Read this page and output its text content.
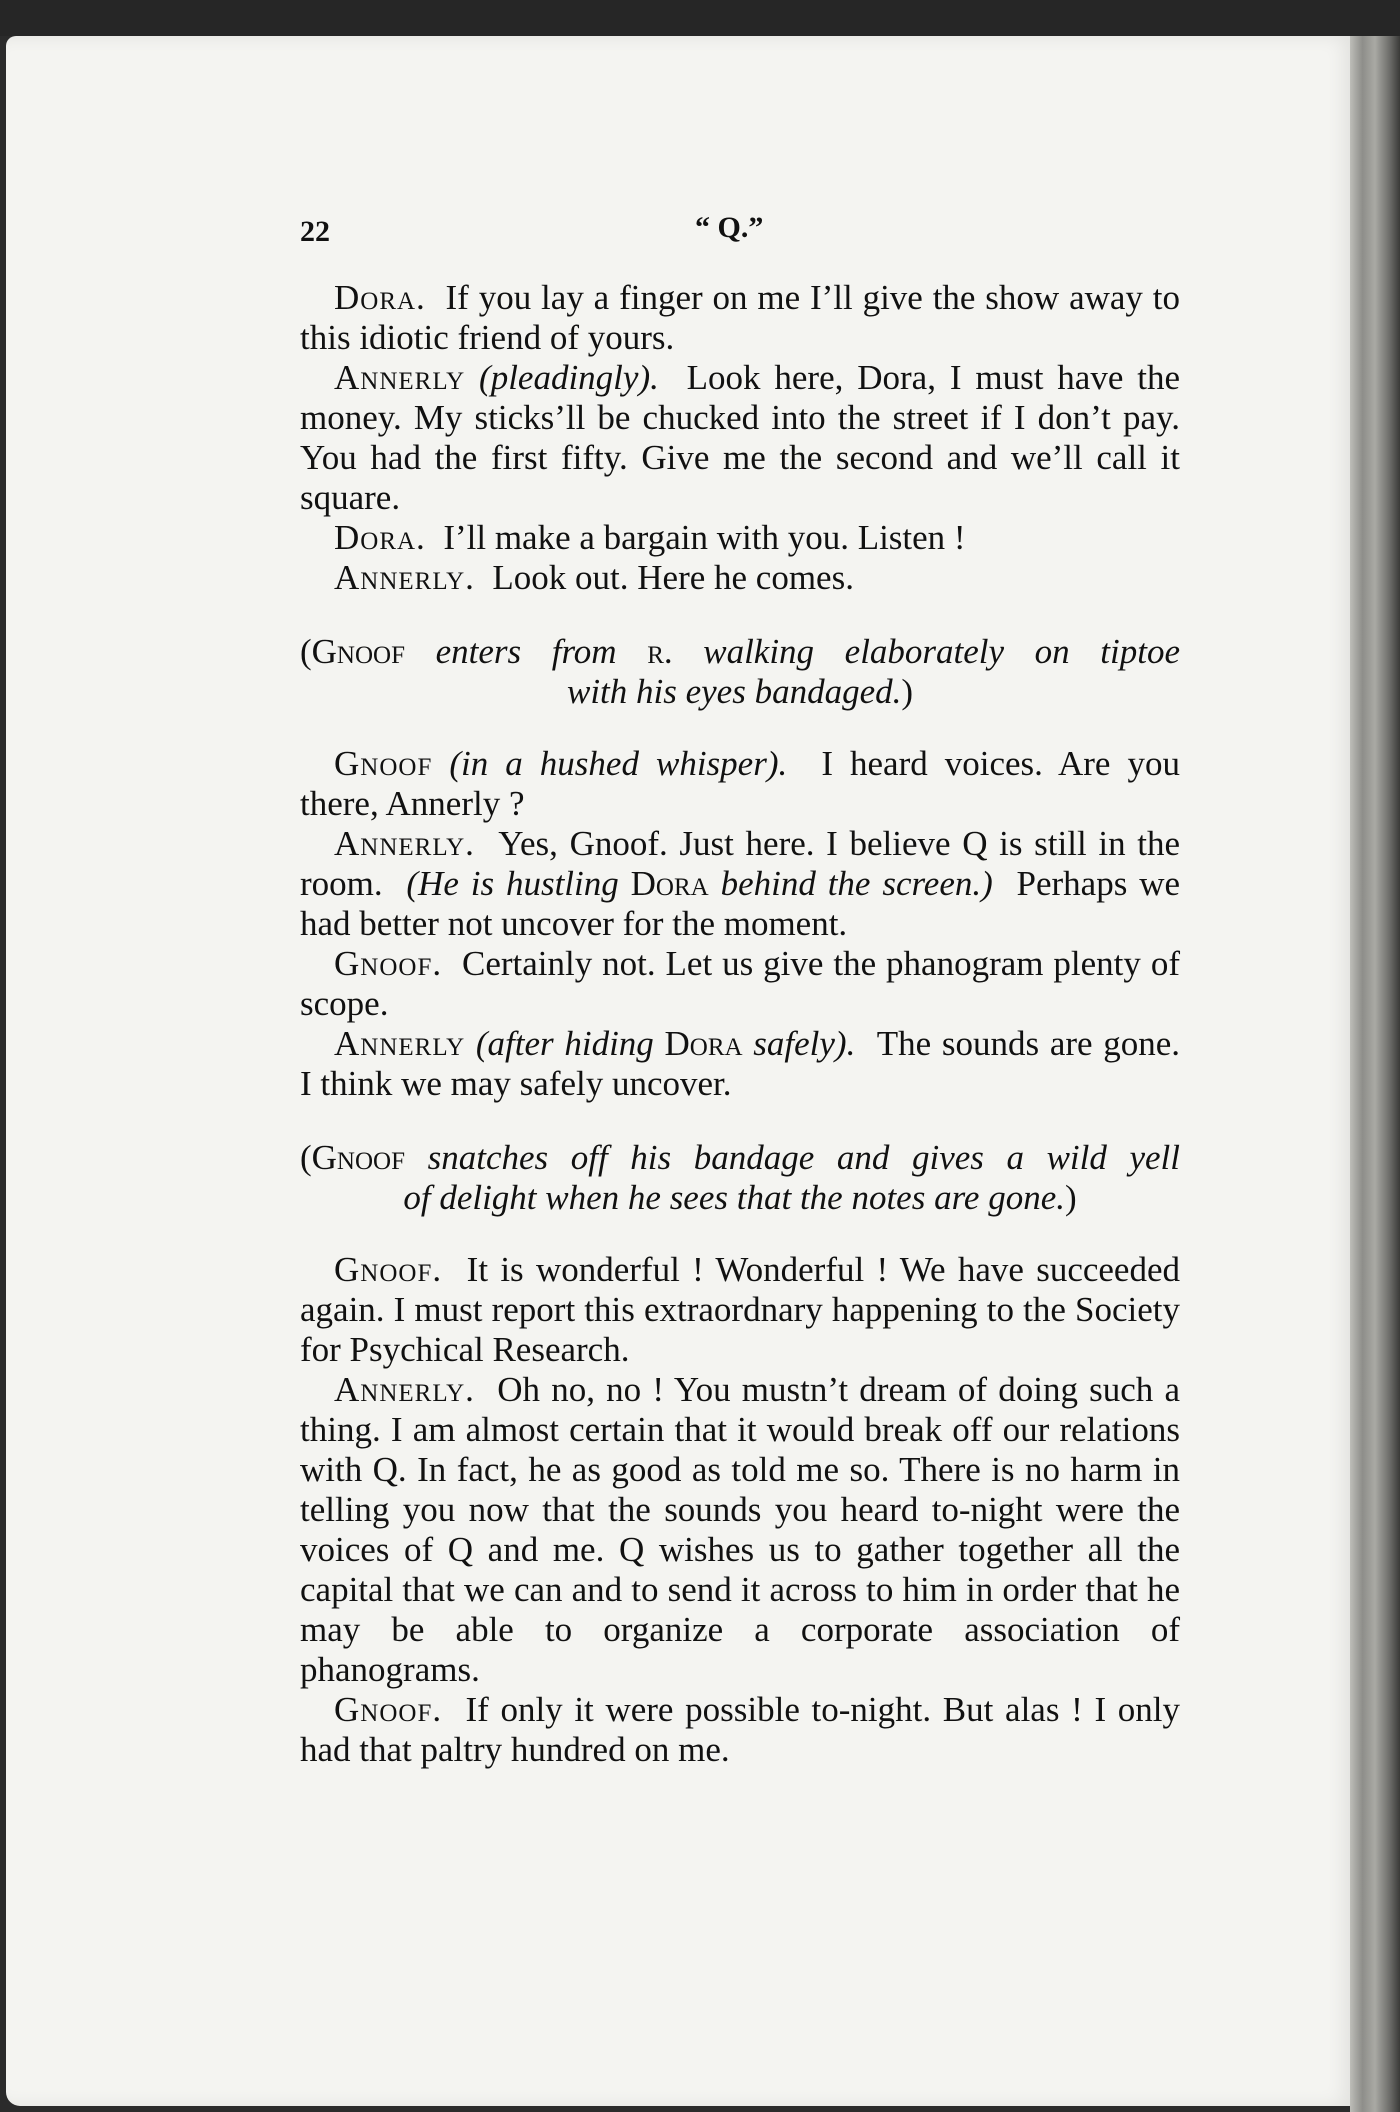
22	“ Q.”

Dora. If you lay a finger on me I’ll give the show away to this idiotic friend of yours.

Annerly (pleadingly). Look here, Dora, I must have the money. My sticks’ll be chucked into the street if I don’t pay. You had the first fifty. Give me the second and we’ll call it square.

Dora. I’ll make a bargain with you. Listen !

Annerly. Look out. Here he comes.

(Gnoof enters from r. walking elaborately on tiptoe
with his eyes bandaged.)

Gnoof (in a hushed whisper). I heard voices. Are you there, Annerly ?

Annerly. Yes, Gnoof. Just here. I believe Q is still in the room. (He is hustling Dora behind the screen.) Perhaps we had better not uncover for the moment.

Gnoof. Certainly not. Let us give the phanogram plenty of scope.

Annerly (after hiding Dora safely). The sounds are gone. I think we may safely uncover.

(Gnoof snatches off his bandage and gives a wild yell
of delight when he sees that the notes are gone.)

Gnoof. It is wonderful ! Wonderful ! We have succeeded again. I must report this extraordnary happening to the Society for Psychical Research.

Annerly. Oh no, no ! You mustn’t dream of doing such a thing. I am almost certain that it would break off our relations with Q. In fact, he as good as told me so. There is no harm in telling you now that the sounds you heard to-night were the voices of Q and me. Q wishes us to gather together all the capital that we can and to send it across to him in order that he may be able to organize a corporate association of phanograms.

Gnoof. If only it were possible to-night. But alas ! I only had that paltry hundred on me.
